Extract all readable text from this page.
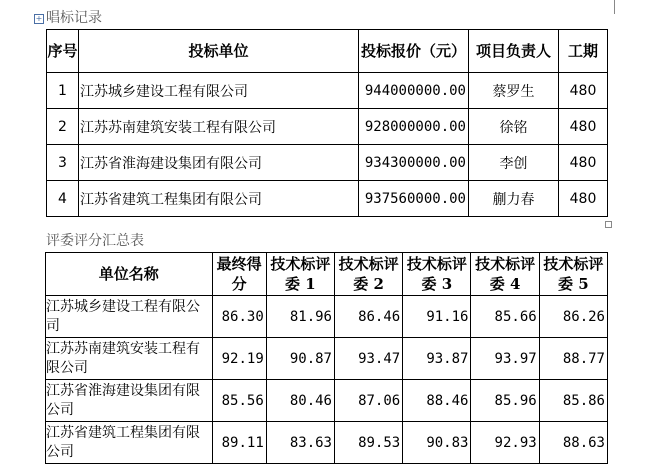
+ 唱标记录
序号	投标单位	投标报价（元）	项目负责人	工期
1	江苏城乡建设工程有限公司	944000000.00	蔡罗生	480
2	江苏苏南建筑安装工程有限公司	928000000.00	徐铭	480
3	江苏省淮海建设集团有限公司	934300000.00	李创	480
4	江苏省建筑工程集团有限公司	937560000.00	蒯力春	480
评委评分汇总表
单位名称	最终得分	技术标评委 1	技术标评委 2	技术标评委 3	技术标评委 4	技术标评委 5
江苏城乡建设工程有限公司	86.30	81.96	86.46	91.16	85.66	86.26
江苏苏南建筑安装工程有限公司	92.19	90.87	93.47	93.87	93.97	88.77
江苏省淮海建设集团有限公司	85.56	80.46	87.06	88.46	85.96	85.86
江苏省建筑工程集团有限公司	89.11	83.63	89.53	90.83	92.93	88.63
